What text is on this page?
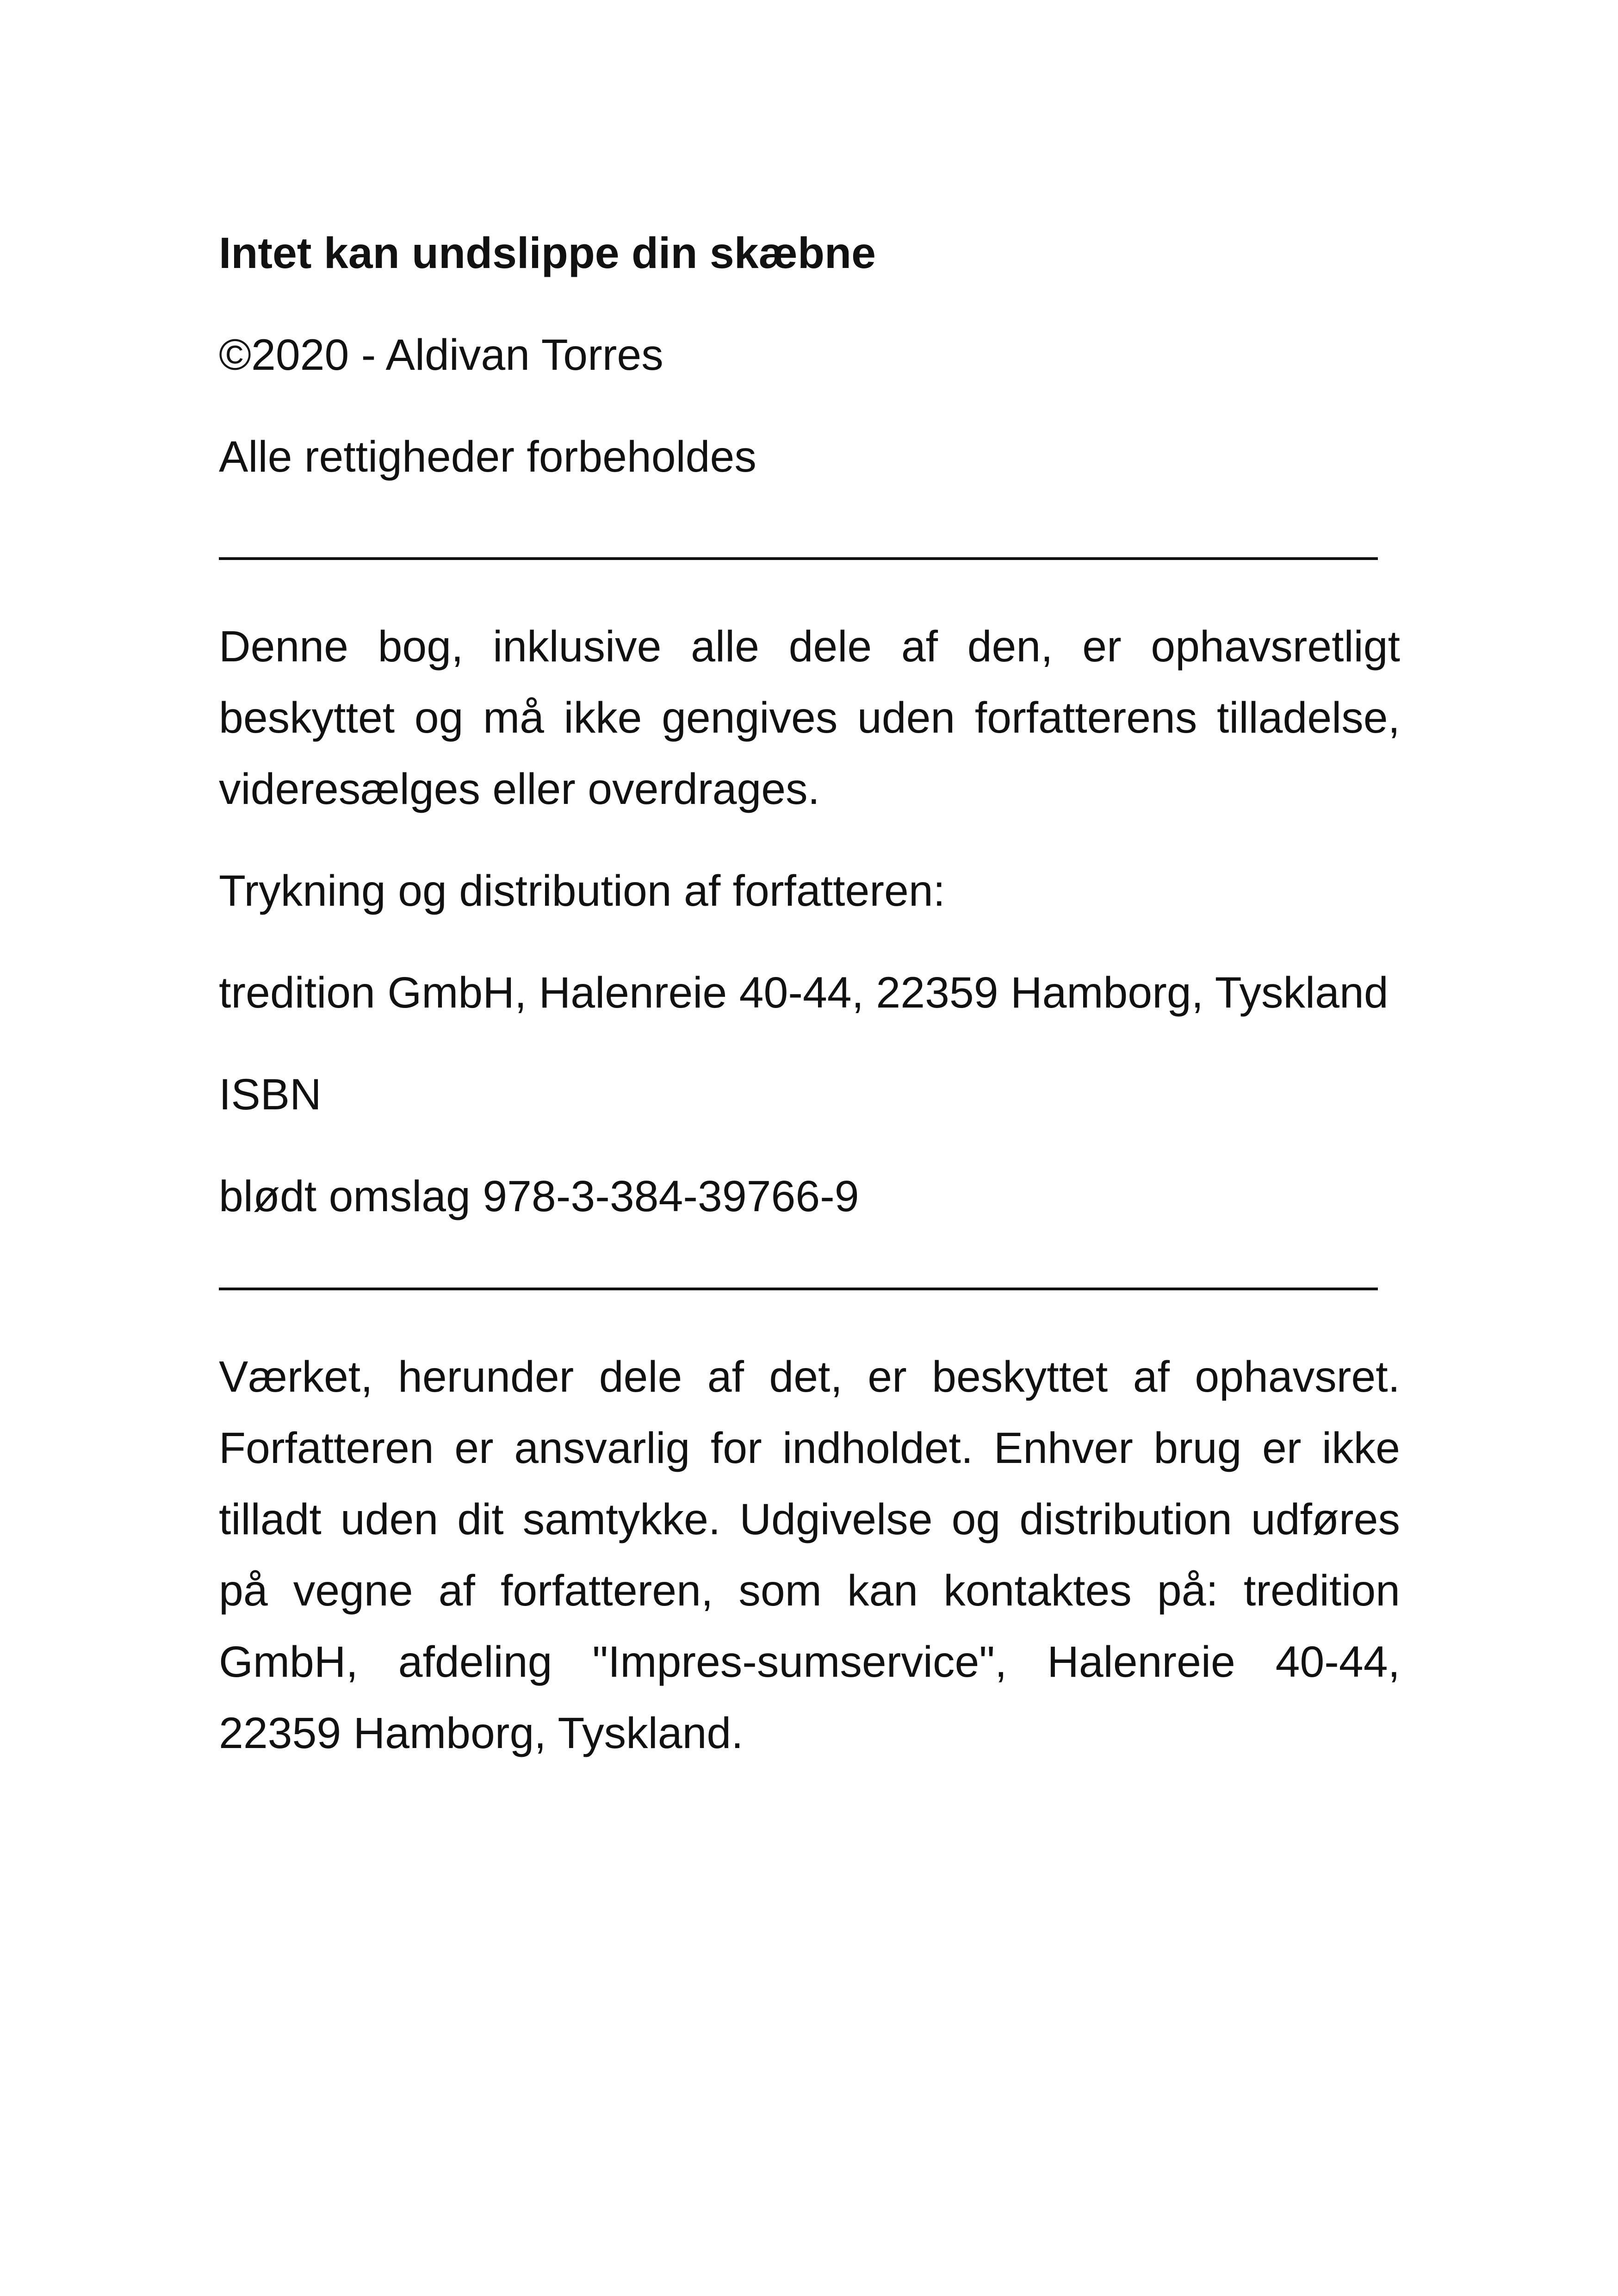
Intet kan undslippe din skæbne

©2020 - Aldivan Torres

Alle rettigheder forbeholdes

Denne bog, inklusive alle dele af den, er ophavsretligt beskyttet og må ikke gengives uden forfatterens tilladelse, videresælges eller overdrages.

Trykning og distribution af forfatteren:

tredition GmbH, Halenreie 40-44, 22359 Hamborg, Tyskland

ISBN

blødt omslag 978-3-384-39766-9

Værket, herunder dele af det, er beskyttet af ophavsret. Forfatteren er ansvarlig for indholdet. Enhver brug er ikke tilladt uden dit samtykke. Udgivelse og distribution udføres på vegne af forfatteren, som kan kontaktes på: tredition GmbH, afdeling "Impres-sumservice", Halenreie 40-44, 22359 Hamborg, Tyskland.
